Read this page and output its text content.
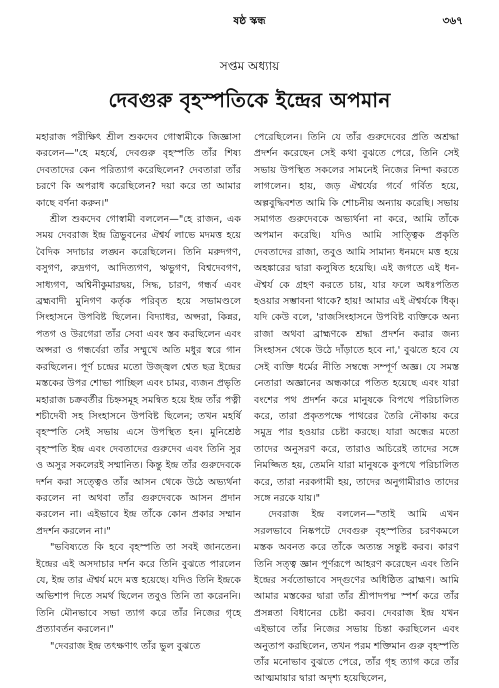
ষষ্ঠ স্কন্ধ	৩৬৭
সপ্তম অধ্যায়
দেবগুরু বৃহস্পতিকে ইন্দ্রের অপমান

মহারাজ পরীক্ষিৎ শ্রীল শুকদেব গোস্বামীকে জিজ্ঞাসা করলেন—"হে মহর্ষে, দেবগুরু বৃহস্পতি তাঁর শিষ্য দেবতাদের কেন পরিত্যাগ করেছিলেন? দেবতারা তাঁর চরণে কি অপরাধ করেছিলেন? দয়া করে তা আমার কাছে বর্ণনা করুন।"

শ্রীল শুকদেব গোস্বামী বললেন—"হে রাজন, এক সময় দেবরাজ ইন্দ্র ত্রিভুবনের ঐশ্বর্য লাভে মদমত্ত হয়ে বৈদিক সদাচার লঙ্ঘন করেছিলেন। তিনি মরুদগণ, বসুগণ, রুদ্রগণ, আদিত্যগণ, ঋভুগণ, বিশ্বদেবগণ, সাধ্যগণ, অশ্বিনীকুমারদ্বয়, সিদ্ধ, চারণ, গন্ধর্ব এবং ব্রহ্মবাদী মুনিগণ কর্তৃক পরিবৃত হয়ে সভামণ্ডলে সিংহাসনে উপবিষ্ট ছিলেন। বিদ্যাধর, অপ্সরা, কিন্নর, পতগ ও উরগেরা তাঁর সেবা এবং স্তব করছিলেন এবং অপ্সরা ও গন্ধর্বেরা তাঁর সম্মুখে অতি মধুর স্বরে গান করছিলেন। পূর্ণ চন্দ্রের মতো উজ্জ্বল শ্বেত ছত্র ইন্দ্রের মস্তকের উপর শোভা পাচ্ছিল এবং চামর, ব্যজন প্রভৃতি মহারাজ চক্রবর্তীর চিহ্নসমূহ সমন্বিত হয়ে ইন্দ্র তাঁর পত্নী শচীদেবী সহ সিংহাসনে উপবিষ্ট ছিলেন; তখন মহর্ষি বৃহস্পতি সেই সভায় এসে উপস্থিত হন। মুনিশ্রেষ্ঠ বৃহস্পতি ইন্দ্র এবং দেবতাদের গুরুদেব এবং তিনি সুর ও অসুর সকলেরই সম্মানিত। কিন্তু ইন্দ্র তাঁর গুরুদেবকে দর্শন করা সত্ত্বেও তাঁর আসন থেকে উঠে অভ্যর্থনা করলেন না অথবা তাঁর গুরুদেবকে আসন প্রদান করলেন না। এইভাবে ইন্দ্র তাঁকে কোন প্রকার সম্মান প্রদর্শন করলেন না।"

"ভবিষ্যতে কি হবে বৃহস্পতি তা সবই জানতেন। ইন্দ্রের এই অসদাচার দর্শন করে তিনি বুঝতে পারলেন যে, ইন্দ্র তার ঐশ্বর্য মদে মত্ত হয়েছে। যদিও তিনি ইন্দ্রকে অভিশাপ দিতে সমর্থ ছিলেন তবুও তিনি তা করেননি। তিনি মৌনভাবে সভা ত্যাগ করে তাঁর নিজের গৃহে প্রত্যাবর্তন করলেন।"

"দেবরাজ ইন্দ্র তৎক্ষণাৎ তাঁর ভুল বুঝতে

পেরেছিলেন। তিনি যে তাঁর গুরুদেবের প্রতি অশ্রদ্ধা প্রদর্শন করেছেন সেই কথা বুঝতে পেরে, তিনি সেই সভায় উপস্থিত সকলের সামনেই নিজের নিন্দা করতে লাগলেন। হায়, জড় ঐশ্বর্যের গর্বে গর্বিত হয়ে, অল্পবুদ্ধিবশত আমি কি শোচনীয় অন্যায় করেছি। সভায় সমাগত গুরুদেবকে অভ্যর্থনা না করে, আমি তাঁকে অপমান করেছি। যদিও আমি সাত্ত্বিক প্রকৃতি দেবতাদের রাজা, তবুও আমি সামান্য ধনমদে মত্ত হয়ে অহঙ্কারের দ্বারা কলুষিত হয়েছি। এই জগতে এই ধন-ঐশ্বর্য কে গ্রহণ করতে চায়, যার ফলে অধঃপতিত হওয়ার সম্ভাবনা থাকে? হায়! আমার এই ঐশ্বর্যকে ধিক্। যদি কেউ বলে, 'রাজসিংহাসনে উপবিষ্ট ব্যক্তিকে অন্য রাজা অথবা ব্রাহ্মণকে শ্রদ্ধা প্রদর্শন করার জন্য সিংহাসন থেকে উঠে দাঁড়াতে হবে না,' বুঝতে হবে যে সেই ব্যক্তি ধর্মের নীতি সম্বন্ধে সম্পূর্ণ অজ্ঞ। যে সমস্ত নেতারা অজ্ঞানের অন্ধকারে পতিত হয়েছে এবং যারা বংশের পথ প্রদর্শন করে মানুষকে বিপথে পরিচালিত করে, তারা প্রকৃতপক্ষে পাথরের তৈরি নৌকায় করে সমুদ্র পার হওয়ার চেষ্টা করছে। যারা অন্ধের মতো তাদের অনুসরণ করে, তারাও অচিরেই তাদের সঙ্গে নিমজ্জিত হয়, তেমনি যারা মানুষকে কুপথে পরিচালিত করে, তারা নরকগামী হয়, তাদের অনুগামীরাও তাদের সঙ্গে নরকে যায়।"

দেবরাজ ইন্দ্র বললেন—"তাই আমি এখন সরলভাবে নিষ্কপটে দেবগুরু বৃহস্পতির চরণকমলে মস্তক অবনত করে তাঁকে অত্যন্ত সন্তুষ্ট করব। কারণ তিনি সত্ত্ব জ্ঞান পূর্ণরূপে আহরণ করেছেন এবং তিনি ইন্দ্রের সর্বতোভাবে সদ্গুণের অধিষ্ঠিত ব্রাহ্মণ। আমি আমার মস্তকের দ্বারা তাঁর শ্রীপাদপদ্ম স্পর্শ করে তাঁর প্রসন্নতা বিধানের চেষ্টা করব। দেবরাজ ইন্দ্র যখন এইভাবে তাঁর নিজের সভায় চিন্তা করছিলেন এবং অনুতাপ করছিলেন, তখন পরম শক্তিমান গুরু বৃহস্পতি তাঁর মনোভাব বুঝতে পেরে, তাঁর গৃহ ত্যাগ করে তাঁর আত্মমায়ার দ্বারা অদৃশ্য হয়েছিলেন,
